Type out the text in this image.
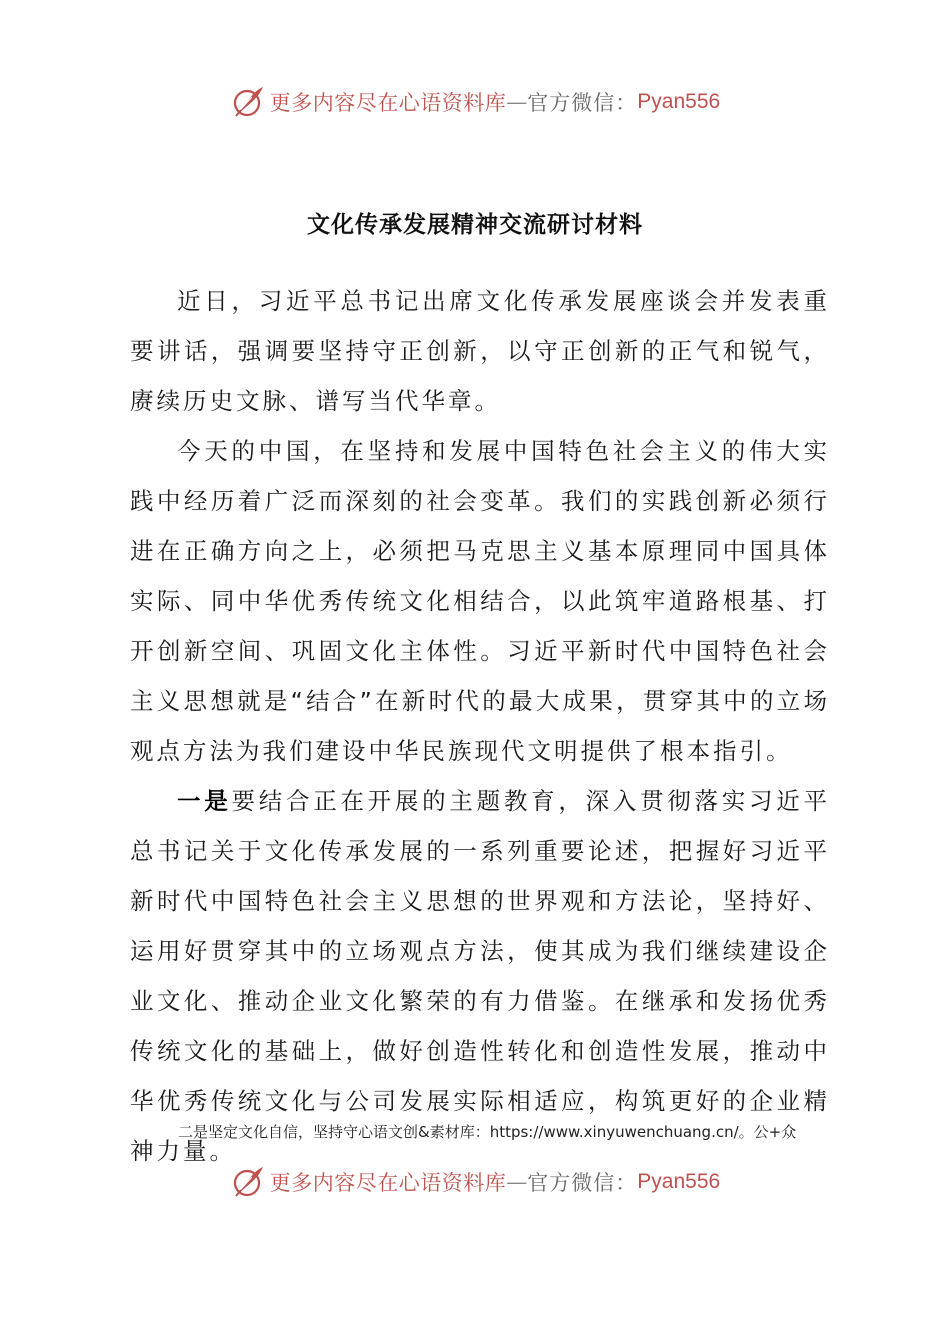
更多内容尽在心语资料库 — 官方微信： Pyan556
文化传承发展精神交流研讨材料

近日，习近平总书记出席文化传承发展座谈会并发表重要讲话，强调要坚持守正创新，以守正创新的正气和锐气，赓续历史文脉、谱写当代华章。

今天的中国，在坚持和发展中国特色社会主义的伟大实践中经历着广泛而深刻的社会变革。我们的实践创新必须行进在正确方向之上，必须把马克思主义基本原理同中国具体实际、同中华优秀传统文化相结合，以此筑牢道路根基、打开创新空间、巩固文化主体性。习近平新时代中国特色社会主义思想就是“结合”在新时代的最大成果，贯穿其中的立场观点方法为我们建设中华民族现代文明提供了根本指引。

一是要结合正在开展的主题教育，深入贯彻落实习近平总书记关于文化传承发展的一系列重要论述，把握好习近平新时代中国特色社会主义思想的世界观和方法论，坚持好、运用好贯穿其中的立场观点方法，使其成为我们继续建设企业文化、推动企业文化繁荣的有力借鉴。在继承和发扬优秀传统文化的基础上，做好创造性转化和创造性发展，推动中华优秀传统文化与公司发展实际相适应，构筑更好的企业精神力量。

二是坚定文化自信，坚持守心语文创&素材库：https://www.xinyuwenchuang.cn/。公+众
更多内容尽在心语资料库 — 官方微信： Pyan556
